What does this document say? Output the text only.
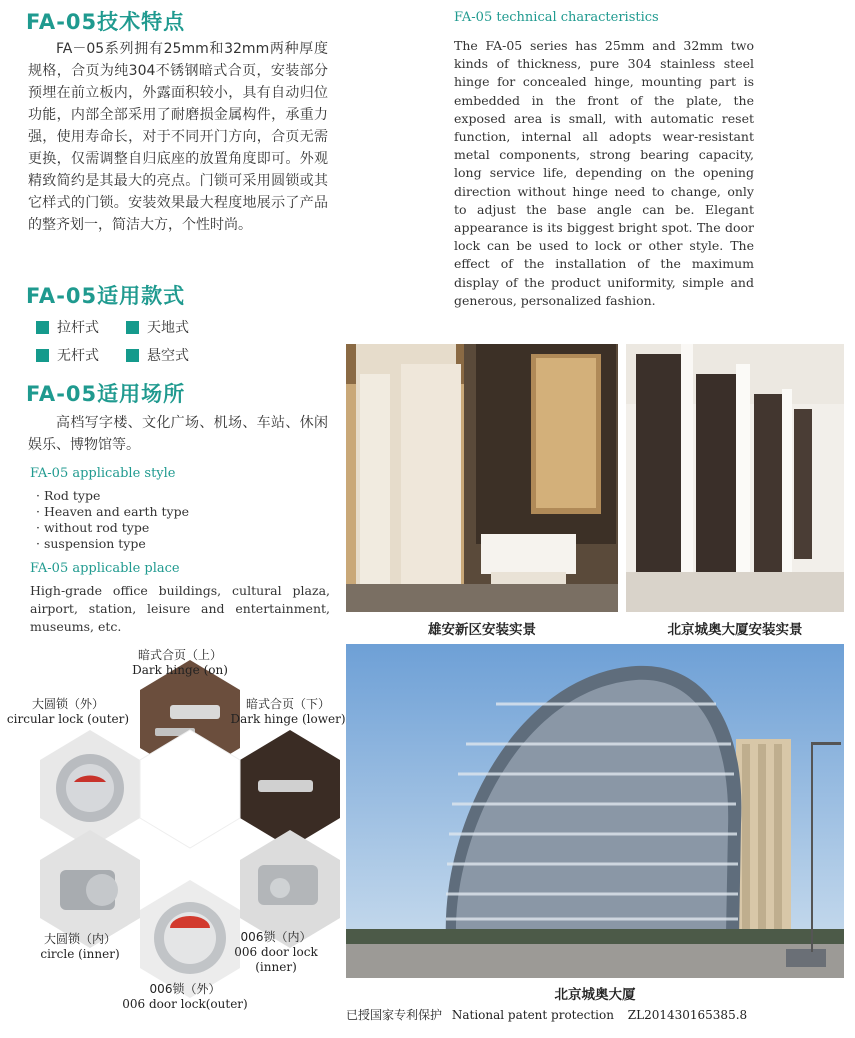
FA-05技术特点
FA－05系列拥有25mm和32mm两种厚度规格，合页为纯304不锈钢暗式合页，安装部分预埋在前立板内，外露面积较小，具有自动归位功能，内部全部采用了耐磨损金属构件，承重力强，使用寿命长，对于不同开门方向，合页无需更换，仅需调整自归底座的放置角度即可。外观精致简约是其最大的亮点。门锁可采用圆锁或其它样式的门锁。安装效果最大程度地展示了产品的整齐划一，简洁大方，个性时尚。
FA-05适用款式
拉杆式	天地式
无杆式	悬空式
FA-05适用场所
高档写字楼、文化广场、机场、车站、休闲娱乐、博物馆等。
FA-05 applicable style
· Rod type
· Heaven and earth type
· without rod type
· suspension type
FA-05 applicable place
High-grade office buildings, cultural plaza, airport, station, leisure and entertainment, museums, etc.
FA-05 technical characteristics
The FA-05 series has 25mm and 32mm two kinds of thickness, pure 304 stainless steel hinge for concealed hinge, mounting part is embedded in the front of the plate, the exposed area is small, with automatic reset function, internal all adopts wear-resistant metal components, strong bearing capacity, long service life, depending on the opening direction without hinge need to change, only to adjust the base angle can be. Elegant appearance is its biggest bright spot. The door lock can be used to lock or other style. The effect of the installation of the maximum display of the product uniformity, simple and generous, personalized fashion.
雄安新区安装实景	北京城奥大厦安装实景
北京城奥大厦
已授国家专利保护 National patent protection ZL201430165385.8
暗式合页（上）
Dark hinge (on)
大圆锁（外）
circular lock (outer)
暗式合页（下）
Dark hinge (lower)
大圆锁（内）
circle (inner)
006锁（内）
006 door lock
(inner)
006锁（外）
006 door lock(outer)
